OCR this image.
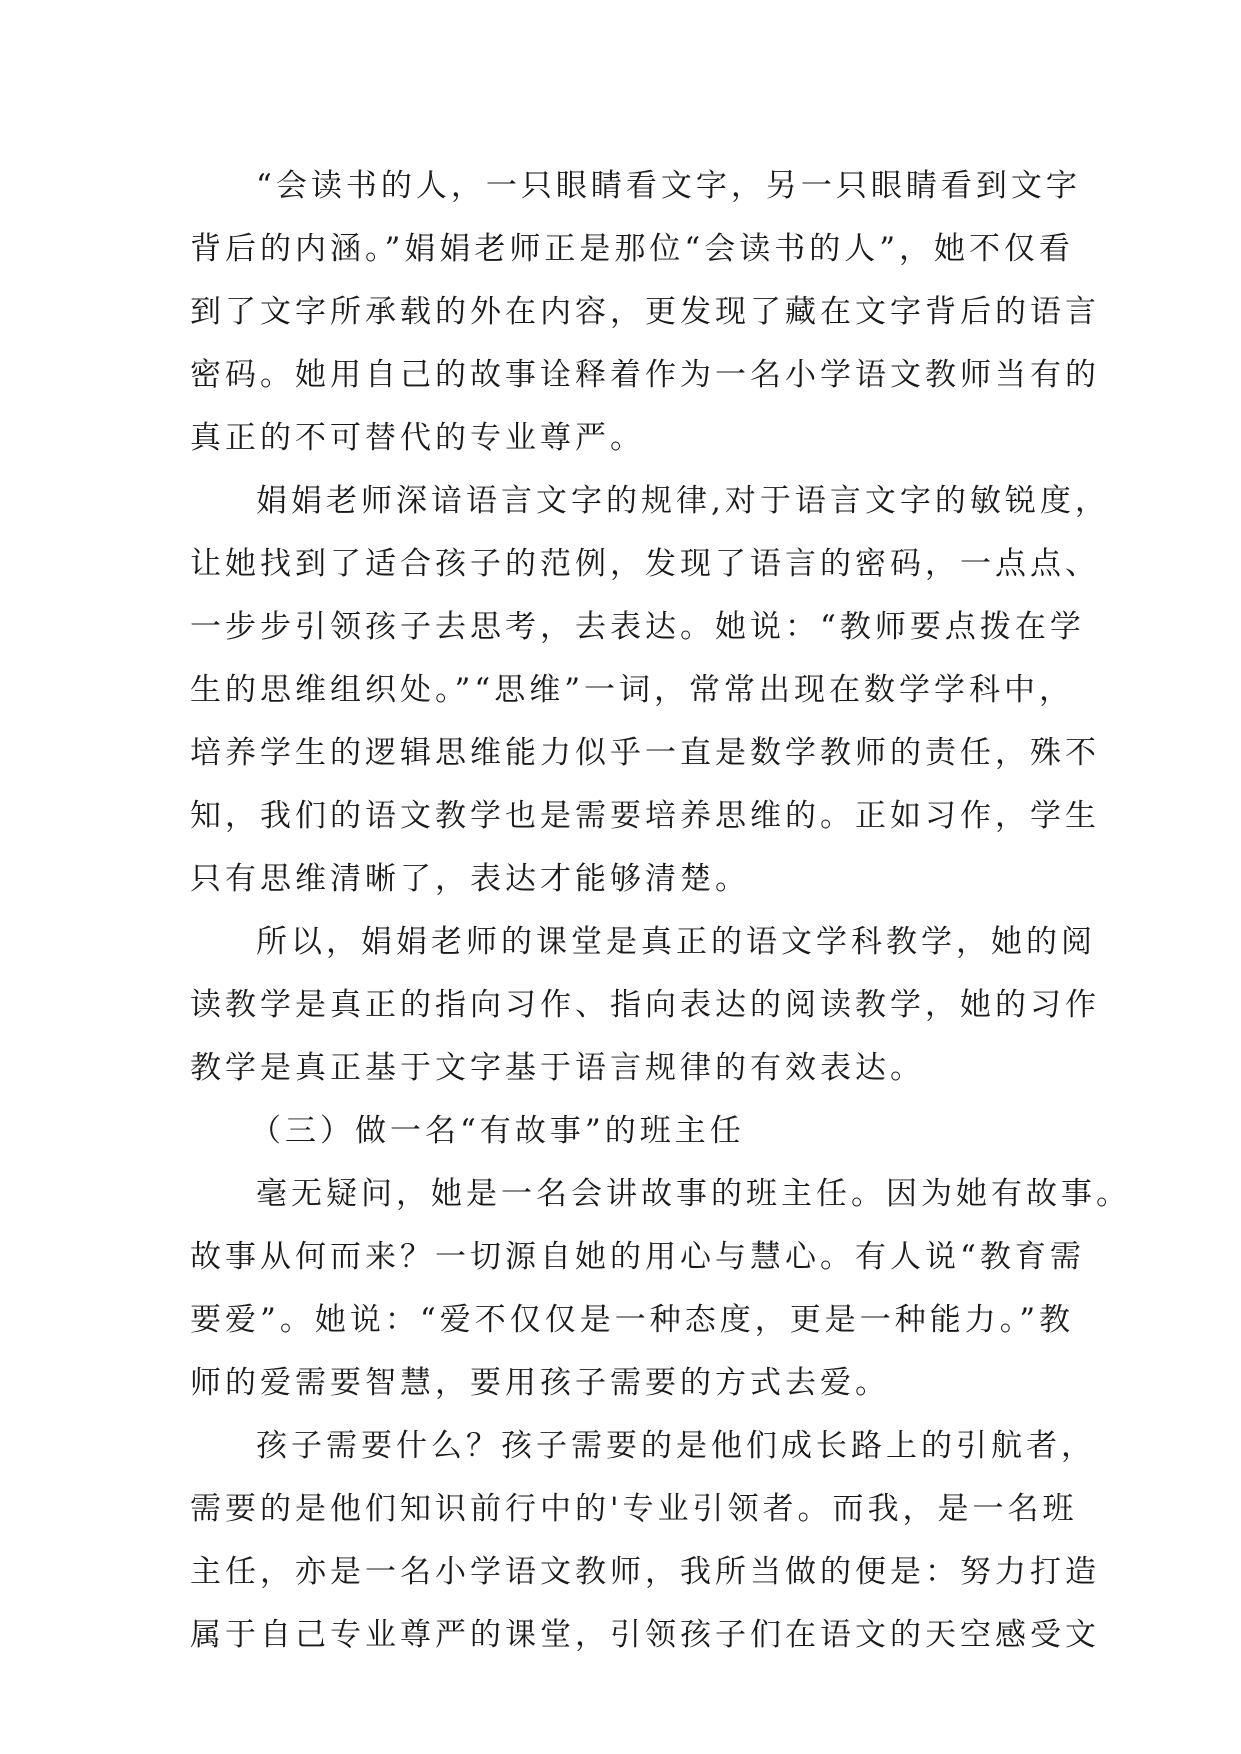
“会读书的人，一只眼睛看文字，另一只眼睛看到文字
背后的内涵。”娟娟老师正是那位“会读书的人”，她不仅看
到了文字所承载的外在内容，更发现了藏在文字背后的语言
密码。她用自己的故事诠释着作为一名小学语文教师当有的
真正的不可替代的专业尊严。
娟娟老师深谙语言文字的规律,对于语言文字的敏锐度，
让她找到了适合孩子的范例，发现了语言的密码，一点点、
一步步引领孩子去思考，去表达。她说：“教师要点拨在学
生的思维组织处。”“思维”一词，常常出现在数学学科中，
培养学生的逻辑思维能力似乎一直是数学教师的责任，殊不
知，我们的语文教学也是需要培养思维的。正如习作，学生
只有思维清晰了，表达才能够清楚。
所以，娟娟老师的课堂是真正的语文学科教学，她的阅
读教学是真正的指向习作、指向表达的阅读教学，她的习作
教学是真正基于文字基于语言规律的有效表达。
（三）做一名“有故事”的班主任
毫无疑问，她是一名会讲故事的班主任。因为她有故事。
故事从何而来？一切源自她的用心与慧心。有人说“教育需
要爱”。她说：“爱不仅仅是一种态度，更是一种能力。”教
师的爱需要智慧，要用孩子需要的方式去爱。
孩子需要什么？孩子需要的是他们成长路上的引航者，
需要的是他们知识前行中的'专业引领者。而我，是一名班
主任，亦是一名小学语文教师，我所当做的便是：努力打造
属于自己专业尊严的课堂，引领孩子们在语文的天空感受文
